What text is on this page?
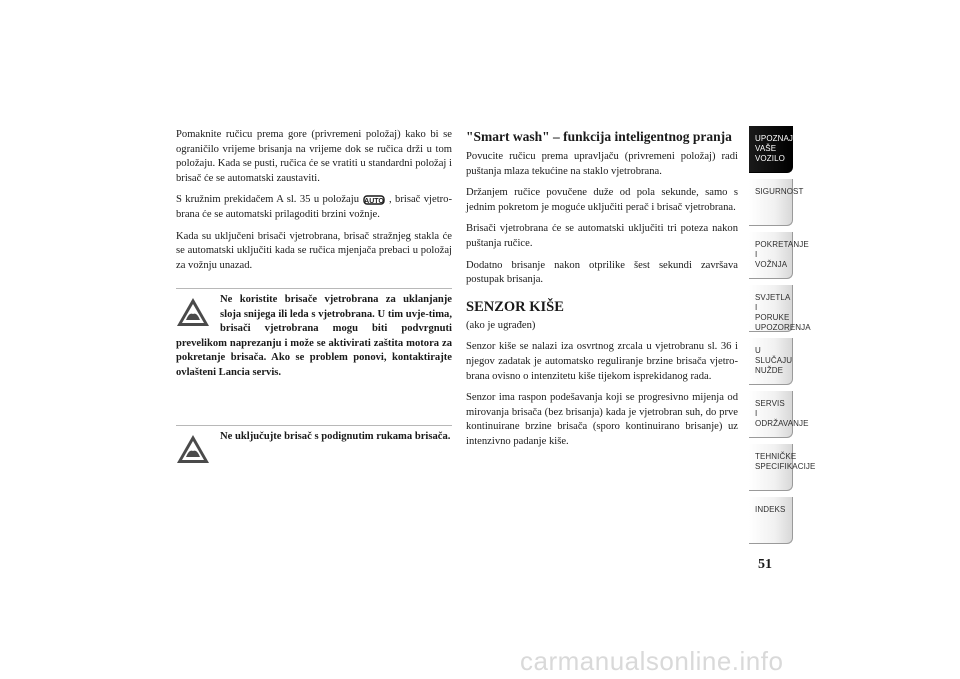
Pomaknite ručicu prema gore (privremeni položaj) kako bi se ograničilo vrijeme brisanja na vrijeme dok se ručica drži u tom položaju. Kada se pusti, ručica će se vratiti u standardni položaj i brisač će se automatski zaustaviti.

S kružnim prekidačem A sl. 35 u položaju AUTO , brisač vjetro-brana će se automatski prilagoditi brzini vožnje.

Kada su uključeni brisači vjetrobrana, brisač stražnjeg stakla će se automatski uključiti kada se ručica mjenjača prebaci u položaj za vožnju unazad.

Ne koristite brisače vjetrobrana za uklanjanje sloja snijega ili leda s vjetrobrana. U tim uvje-tima, brisači vjetrobrana mogu biti podvrgnuti prevelikom naprezanju i može se aktivirati zaštita motora za pokretanje brisača. Ako se problem ponovi, kontaktirajte ovlašteni Lancia servis.
Ne uključujte brisač s podignutim rukama brisača.
"Smart wash" – funkcija inteligentnog pranja

Povucite ručicu prema upravljaču (privremeni položaj) radi puštanja mlaza tekućine na staklo vjetrobrana.

Držanjem ručice povučene duže od pola sekunde, samo s jednim pokretom je moguće uključiti perač i brisač vjetrobrana.

Brisači vjetrobrana će se automatski uključiti tri poteza nakon puštanja ručice.

Dodatno brisanje nakon otprilike šest sekundi završava postupak brisanja.

SENZOR KIŠE

(ako je ugrađen)

Senzor kiše se nalazi iza osvrtnog zrcala u vjetrobranu sl. 36 i njegov zadatak je automatsko reguliranje brzine brisača vjetro-brana ovisno o intenzitetu kiše tijekom isprekidanog rada.

Senzor ima raspon podešavanja koji se progresivno mijenja od mirovanja brisača (bez brisanja) kada je vjetrobran suh, do prve kontinuirane brzine brisača (sporo kontinuirano brisanje) uz intenzivno padanje kiše.

UPOZNAJTE
VAŠE
VOZILO
SIGURNOST
POKRETANJE
I
VOŽNJA
SVJETLA I
PORUKE
UPOZORENJA
U SLUČAJU
NUŽDE
SERVIS
I
ODRŽAVANJE
TEHNIČKE
SPECIFIKACIJE
INDEKS
51
carmanualsonline.info
